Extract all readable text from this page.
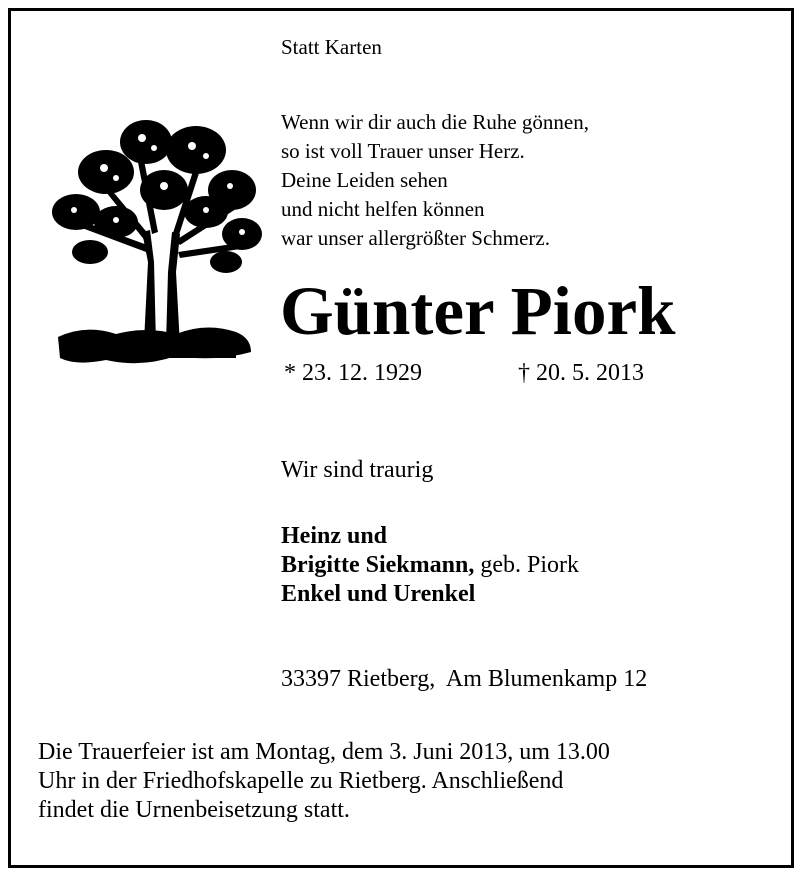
Statt Karten
Wenn wir dir auch die Ruhe gönnen,
so ist voll Trauer unser Herz.
Deine Leiden sehen
und nicht helfen können
war unser allergrößter Schmerz.
Günter Piork
* 23. 12. 1929	† 20. 5. 2013
Wir sind traurig
Heinz und
Brigitte Siekmann, geb. Piork
Enkel und Urenkel
33397 Rietberg,  Am Blumenkamp 12
Die Trauerfeier ist am Montag, dem 3. Juni 2013, um 13.00
Uhr in der Friedhofskapelle zu Rietberg. Anschließend
findet die Urnenbeisetzung statt.
